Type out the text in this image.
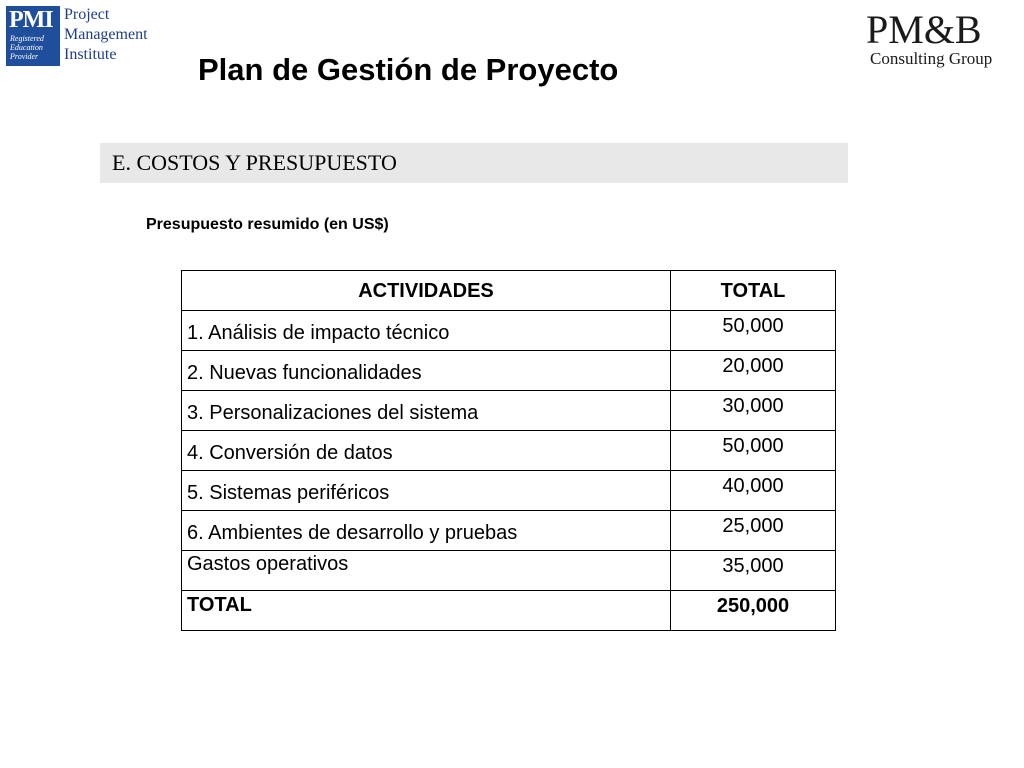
PMI
Registered
Education
Provider
Project
Management
Institute
PM&B
Consulting Group
Plan de Gestión de Proyecto
E. COSTOS Y PRESUPUESTO
Presupuesto resumido (en US$)
ACTIVIDADES	TOTAL
1. Análisis de impacto técnico	50,000
2. Nuevas funcionalidades	20,000
3. Personalizaciones del sistema	30,000
4. Conversión de datos	50,000
5. Sistemas periféricos	40,000
6. Ambientes de desarrollo y pruebas	25,000
Gastos operativos	35,000
TOTAL	250,000
